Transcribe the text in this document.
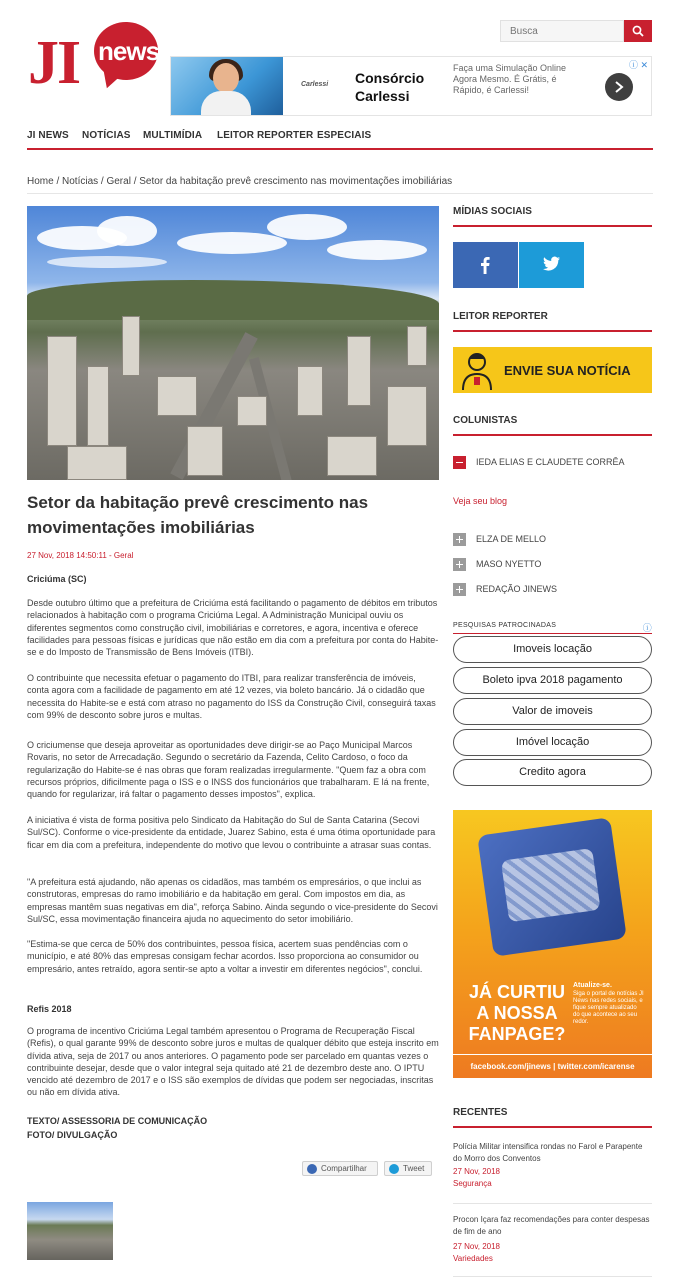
JI news
Busca
Carlessi Consórcio Carlessi
Faça uma Simulação Online Agora Mesmo. É Grátis, é Rápido, é Carlessi!
ⓘ ✕
JI NEWS NOTÍCIAS MULTIMÍDIA LEITOR REPORTER ESPECIAIS
Home / Notícias / Geral / Setor da habitação prevê crescimento nas movimentações imobiliárias
Setor da habitação prevê crescimento nas movimentações imobiliárias
27 Nov, 2018 14:50:11 - Geral
Criciúma (SC)

Desde outubro último que a prefeitura de Criciúma está facilitando o pagamento de débitos em tributos relacionados à habitação com o programa Criciúma Legal. A Administração Municipal ouviu os diferentes segmentos como construção civil, imobiliárias e corretores, e agora, incentiva e oferece facilidades para pessoas físicas e jurídicas que não estão em dia com a prefeitura por conta do Habite-se e do Imposto de Transmissão de Bens Imóveis (ITBI).

O contribuinte que necessita efetuar o pagamento do ITBI, para realizar transferência de imóveis, conta agora com a facilidade de pagamento em até 12 vezes, via boleto bancário. Já o cidadão que necessita do Habite-se e está com atraso no pagamento do ISS da Construção Civil, conseguirá taxas com 99% de desconto sobre juros e multas.

O criciumense que deseja aproveitar as oportunidades deve dirigir-se ao Paço Municipal Marcos Rovaris, no setor de Arrecadação. Segundo o secretário da Fazenda, Celito Cardoso, o foco da regularização do Habite-se é nas obras que foram realizadas irregularmente. "Quem faz a obra com recursos próprios, dificilmente paga o ISS e o INSS dos funcionários que trabalharam. E lá na frente, quando for regularizar, irá faltar o pagamento desses impostos", explica.

A iniciativa é vista de forma positiva pelo Sindicato da Habitação do Sul de Santa Catarina (Secovi Sul/SC). Conforme o vice-presidente da entidade, Juarez Sabino, esta é uma ótima oportunidade para ficar em dia com a prefeitura, independente do motivo que levou o contribuinte a atrasar suas contas.

"A prefeitura está ajudando, não apenas os cidadãos, mas também os empresários, o que inclui as construtoras, empresas do ramo imobiliário e da habitação em geral. Com impostos em dia, as empresas mantêm suas negativas em dia", reforça Sabino. Ainda segundo o vice-presidente do Secovi Sul/SC, essa movimentação financeira ajuda no aquecimento do setor imobiliário.

"Estima-se que cerca de 50% dos contribuintes, pessoa física, acertem suas pendências com o município, e até 80% das empresas consigam fechar acordos. Isso proporciona ao consumidor ou empresário, antes retraído, agora sentir-se apto a voltar a investir em diferentes negócios", conclui.

Refis 2018

O programa de incentivo Criciúma Legal também apresentou o Programa de Recuperação Fiscal (Refis), o qual garante 99% de desconto sobre juros e multas de qualquer débito que esteja inscrito em dívida ativa, seja de 2017 ou anos anteriores. O pagamento pode ser parcelado em quantas vezes o contribuinte desejar, desde que o valor integral seja quitado até 21 de dezembro deste ano. O IPTU vencido até dezembro de 2017 e o ISS são exemplos de dívidas que podem ser negociadas, inscritas ou não em dívida ativa.

TEXTO/ ASSESSORIA DE COMUNICAÇÃO
FOTO/ DIVULGAÇÃO
Compartilhar	Tweet
MÍDIAS SOCIAIS
LEITOR REPORTER
ENVIE SUA NOTÍCIA
COLUNISTAS
IEDA ELIAS E CLAUDETE CORRÊA
Veja seu blog
ELZA DE MELLO
MASO NYETTO
REDAÇÃO JINEWS
PESQUISAS PATROCINADAS	ⓘ
Imoveis locação
Boleto ipva 2018 pagamento
Valor de imoveis
Imóvel locação
Credito agora
JÁ CURTIU A NOSSA FANPAGE?
Atualize-se.
Siga o portal de notícias JI News nas redes sociais, e fique sempre atualizado do que acontece ao seu redor.
facebook.com/jinews | twitter.com/icarense
RECENTES
Polícia Militar intensifica rondas no Farol e Parapente do Morro dos Conventos
27 Nov, 2018
Segurança
Procon Içara faz recomendações para conter despesas de fim de ano
27 Nov, 2018
Variedades
